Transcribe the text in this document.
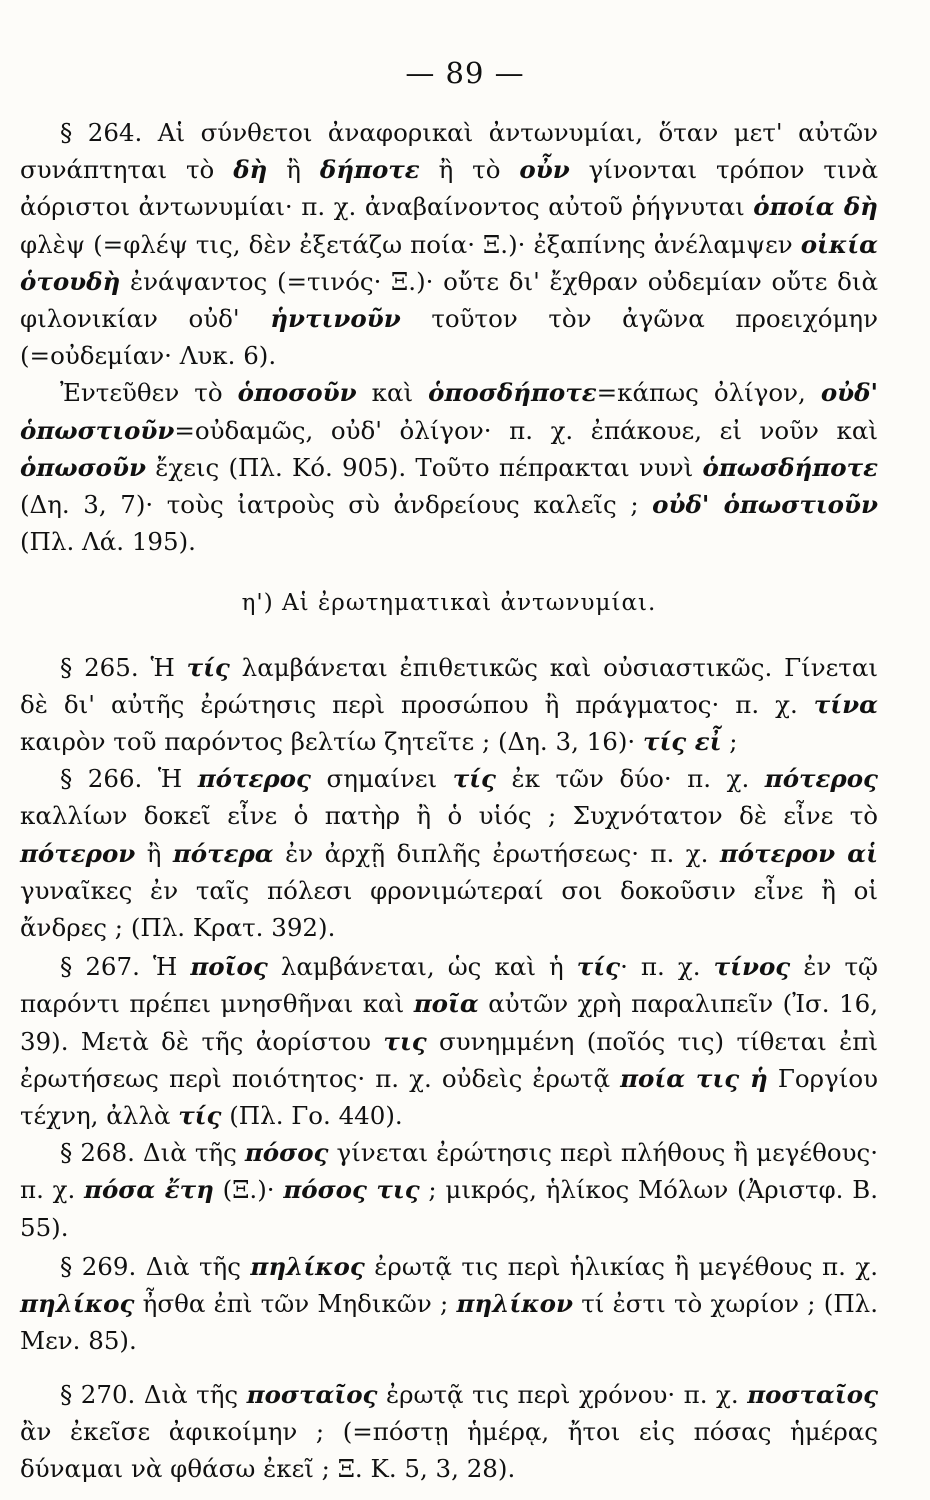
— 89 —

§ 264. Αἱ σύνθετοι ἀναφορικαὶ ἀντωνυμίαι, ὅταν μετ' αὐτῶν συνάπτηται τὸ δὴ ἢ δήποτε ἢ τὸ οὖν γίνονται τρόπον τινὰ ἀόριστοι ἀντωνυμίαι· π. χ. ἀναβαίνοντος αὐτοῦ ῥήγνυται ὁποία δὴ φλὲψ (=φλέψ τις, δὲν ἐξετάζω ποία· Ξ.)· ἐξαπίνης ἀνέλαμψεν οἰκία ὁτουδὴ ἐνάψαντος (=τινός· Ξ.)· οὔτε δι' ἔχθραν οὐδεμίαν οὔτε διὰ φιλονικίαν οὐδ' ἡντινοῦν τοῦτον τὸν ἀγῶνα προειχόμην (=οὐδεμίαν· Λυκ. 6).

Ἐντεῦθεν τὸ ὁποσοῦν καὶ ὁποσδήποτε=κάπως ὀλίγον, οὐδ' ὁπωστιοῦν=οὐδαμῶς, οὐδ' ὀλίγον· π. χ. ἐπάκουε, εἰ νοῦν καὶ ὁπωσοῦν ἔχεις (Πλ. Κό. 905). Τοῦτο πέπρακται νυνὶ ὁπωσδήποτε (Δη. 3, 7)· τοὺς ἰατροὺς σὺ ἀνδρείους καλεῖς ; οὐδ' ὁπωστιοῦν (Πλ. Λά. 195).

η') Αἱ ἐρωτηματικαὶ ἀντωνυμίαι.

§ 265. Ἡ τίς λαμβάνεται ἐπιθετικῶς καὶ οὐσιαστικῶς. Γίνεται δὲ δι' αὐτῆς ἐρώτησις περὶ προσώπου ἢ πράγματος· π. χ. τίνα καιρὸν τοῦ παρόντος βελτίω ζητεῖτε ; (Δη. 3, 16)· τίς εἶ ;

§ 266. Ἡ πότερος σημαίνει τίς ἐκ τῶν δύο· π. χ. πότερος καλλίων δοκεῖ εἶνε ὁ πατὴρ ἢ ὁ υἱός ; Συχνότατον δὲ εἶνε τὸ πότερον ἢ πότερα ἐν ἀρχῇ διπλῆς ἐρωτήσεως· π. χ. πότερον αἱ γυναῖκες ἐν ταῖς πόλεσι φρονιμώτεραί σοι δοκοῦσιν εἶνε ἢ οἱ ἄνδρες ; (Πλ. Κρατ. 392).

§ 267. Ἡ ποῖος λαμβάνεται, ὡς καὶ ἡ τίς· π. χ. τίνος ἐν τῷ παρόντι πρέπει μνησθῆναι καὶ ποῖα αὐτῶν χρὴ παραλιπεῖν (Ἰσ. 16, 39). Μετὰ δὲ τῆς ἀορίστου τις συνημμένη (ποῖός τις) τίθεται ἐπὶ ἐρωτήσεως περὶ ποιότητος· π. χ. οὐδεὶς ἐρωτᾷ ποία τις ἡ Γοργίου τέχνη, ἀλλὰ τίς (Πλ. Γο. 440).

§ 268. Διὰ τῆς πόσος γίνεται ἐρώτησις περὶ πλήθους ἢ μεγέθους· π. χ. πόσα ἔτη (Ξ.)· πόσος τις ; μικρός, ἡλίκος Μόλων (Ἀριστφ. Β. 55).

§ 269. Διὰ τῆς πηλίκος ἐρωτᾷ τις περὶ ἡλικίας ἢ μεγέθους π. χ. πηλίκος ἦσθα ἐπὶ τῶν Μηδικῶν ; πηλίκον τί ἐστι τὸ χωρίον ; (Πλ. Μεν. 85).

§ 270. Διὰ τῆς ποσταῖος ἐρωτᾷ τις περὶ χρόνου· π. χ. ποσταῖος ἂν ἐκεῖσε ἀφικοίμην ; (=πόστῃ ἡμέρᾳ, ἤτοι εἰς πόσας ἡμέρας δύναμαι νὰ φθάσω ἐκεῖ ; Ξ. Κ. 5, 3, 28).
